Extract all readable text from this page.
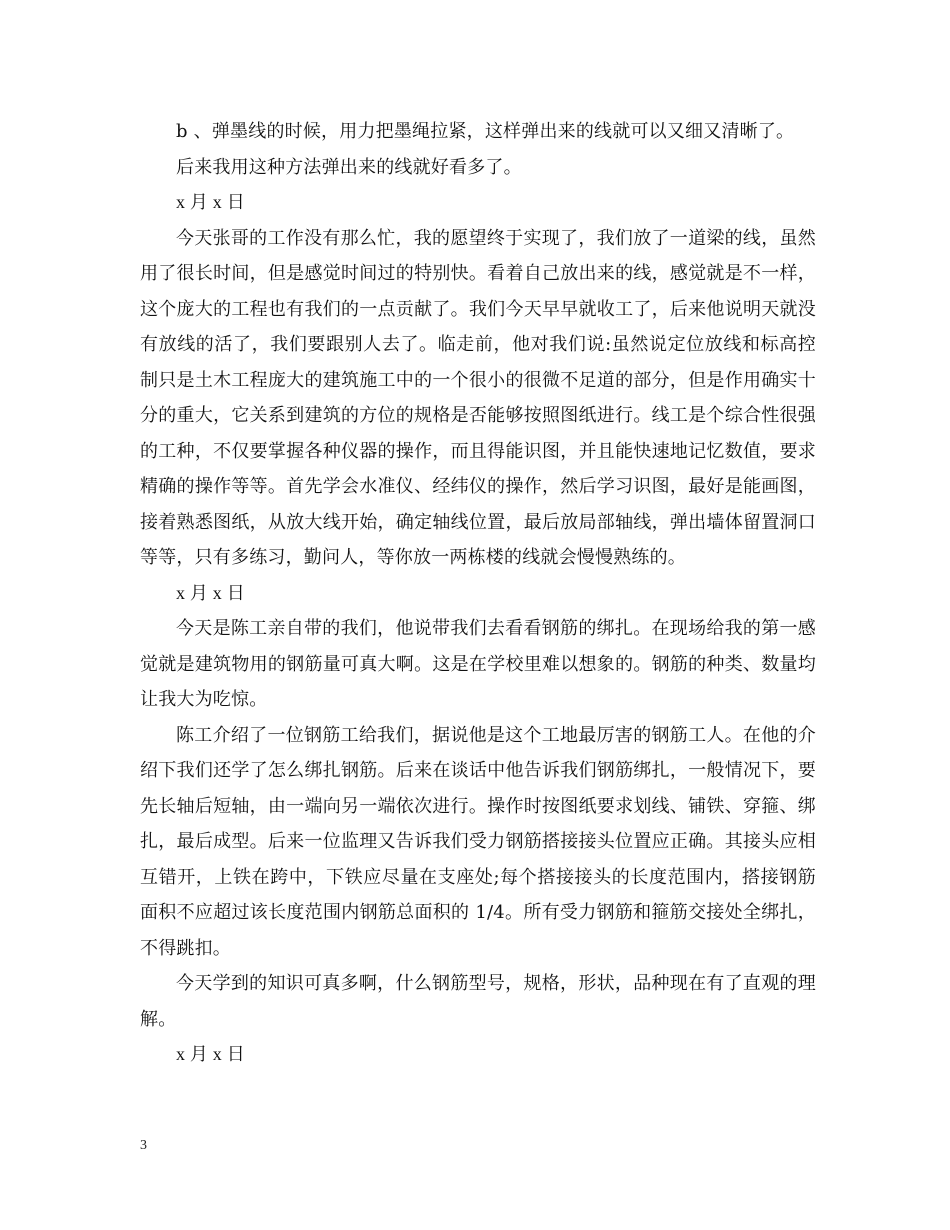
b 、弹墨线的时候，用力把墨绳拉紧，这样弹出来的线就可以又细又清晰了。

后来我用这种方法弹出来的线就好看多了。

x 月 x 日

今天张哥的工作没有那么忙，我的愿望终于实现了，我们放了一道梁的线，虽然用了很长时间，但是感觉时间过的特别快。看着自己放出来的线，感觉就是不一样，这个庞大的工程也有我们的一点贡献了。我们今天早早就收工了，后来他说明天就没有放线的活了，我们要跟别人去了。临走前，他对我们说:虽然说定位放线和标高控制只是土木工程庞大的建筑施工中的一个很小的很微不足道的部分，但是作用确实十分的重大，它关系到建筑的方位的规格是否能够按照图纸进行。线工是个综合性很强的工种，不仅要掌握各种仪器的操作，而且得能识图，并且能快速地记忆数值，要求精确的操作等等。首先学会水准仪、经纬仪的操作，然后学习识图，最好是能画图，接着熟悉图纸，从放大线开始，确定轴线位置，最后放局部轴线，弹出墙体留置洞口等等，只有多练习，勤问人，等你放一两栋楼的线就会慢慢熟练的。

x 月 x 日

今天是陈工亲自带的我们，他说带我们去看看钢筋的绑扎。在现场给我的第一感觉就是建筑物用的钢筋量可真大啊。这是在学校里难以想象的。钢筋的种类、数量均让我大为吃惊。

陈工介绍了一位钢筋工给我们，据说他是这个工地最厉害的钢筋工人。在他的介绍下我们还学了怎么绑扎钢筋。后来在谈话中他告诉我们钢筋绑扎，一般情况下，要先长轴后短轴，由一端向另一端依次进行。操作时按图纸要求划线、铺铁、穿箍、绑扎，最后成型。后来一位监理又告诉我们受力钢筋搭接接头位置应正确。其接头应相互错开，上铁在跨中，下铁应尽量在支座处;每个搭接接头的长度范围内，搭接钢筋面积不应超过该长度范围内钢筋总面积的 1/4。所有受力钢筋和箍筋交接处全绑扎，不得跳扣。

今天学到的知识可真多啊，什么钢筋型号，规格，形状，品种现在有了直观的理解。

x 月 x 日

3
